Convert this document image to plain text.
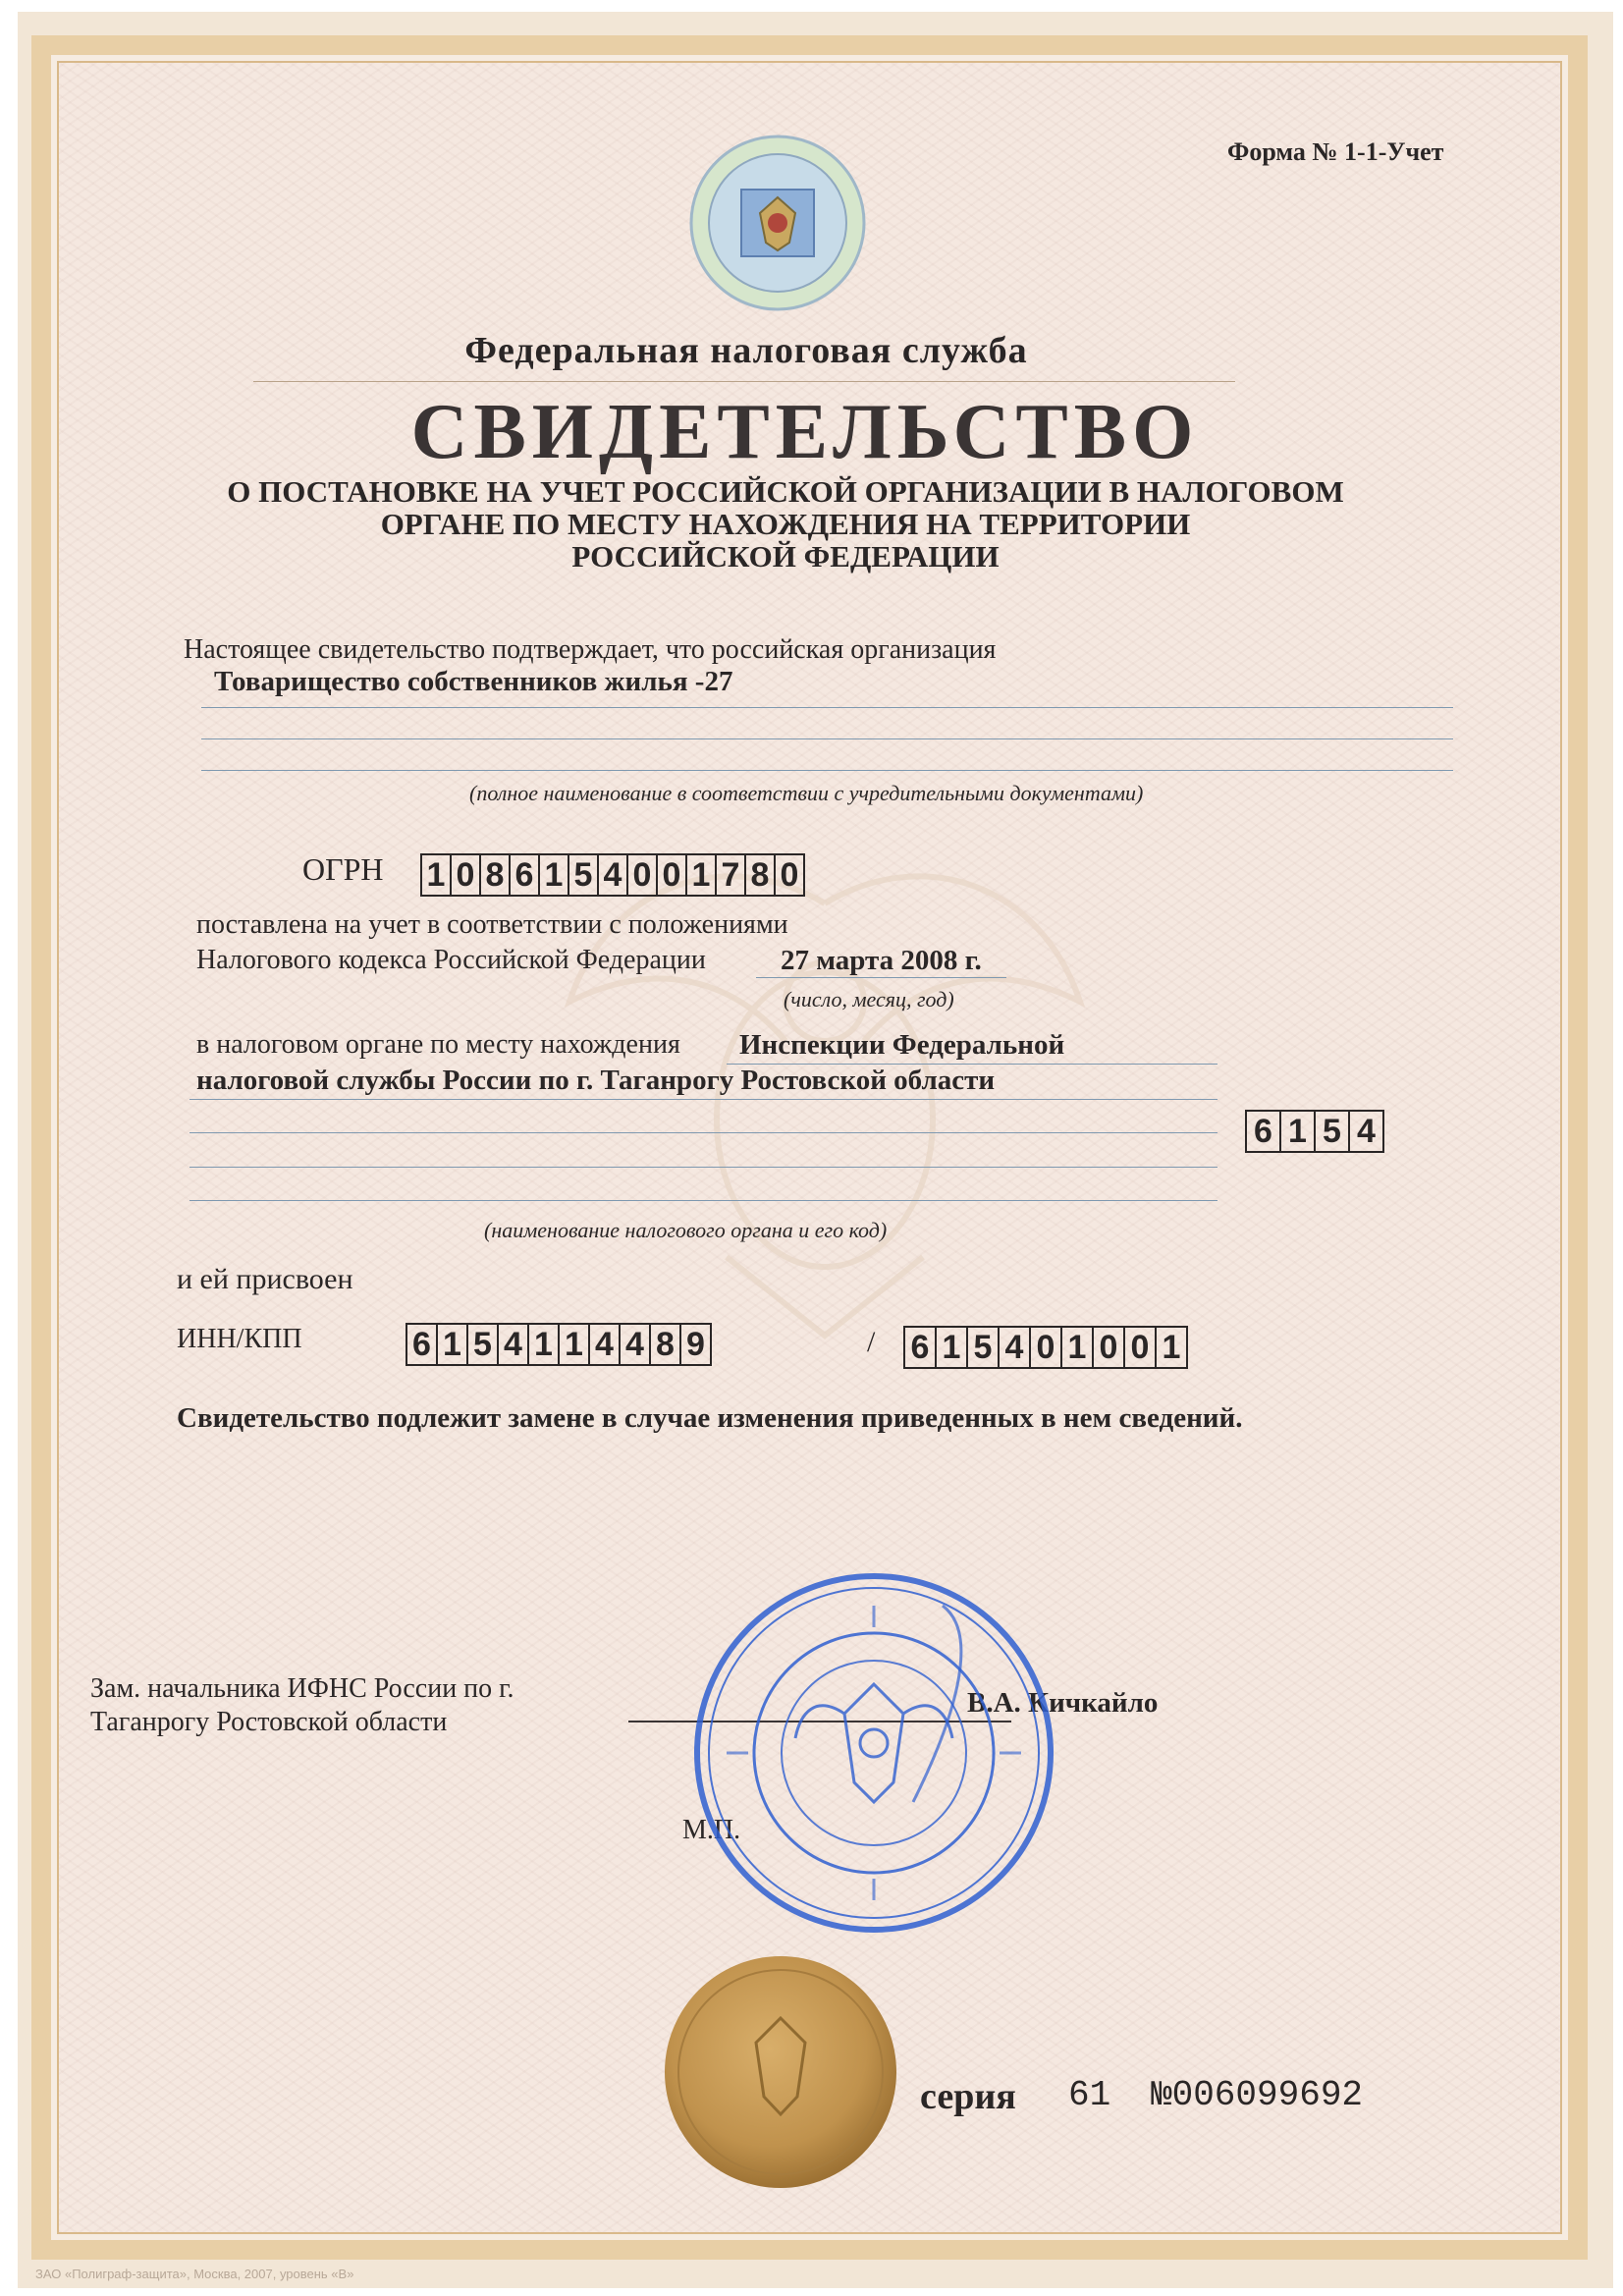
Форма № 1-1-Учет
Федеральная налоговая служба
СВИДЕТЕЛЬСТВО
О ПОСТАНОВКЕ НА УЧЕТ РОССИЙСКОЙ ОРГАНИЗАЦИИ В НАЛОГОВОМ
ОРГАНЕ ПО МЕСТУ НАХОЖДЕНИЯ НА ТЕРРИТОРИИ
РОССИЙСКОЙ ФЕДЕРАЦИИ
Настоящее свидетельство подтверждает, что российская организация
Товарищество собственников жилья -27
(полное наименование в соответствии с учредительными документами)
ОГРН 1 0 8 6 1 5 4 0 0 1 7 8 0
поставлена на учет в соответствии с положениями
Налогового кодекса Российской Федерации	27 марта 2008 г.
(число, месяц, год)
в налоговом органе по месту нахождения Инспекции Федеральной
налоговой службы России по г. Таганрогу Ростовской области
6 1 5 4
(наименование налогового органа и его код)
и ей присвоен
ИНН/КПП	6 1 5 4 1 1 4 4 8 9	/ 6 1 5 4 0 1 0 0 1
Свидетельство подлежит замене в случае изменения приведенных в нем сведений.
Зам. начальника ИФНС России по г.
Таганрогу Ростовской области
В.А. Кичкайло
М.П.
серия 61 №006099692
ЗАО «Полиграф-защита», Москва, 2007, уровень «В»
